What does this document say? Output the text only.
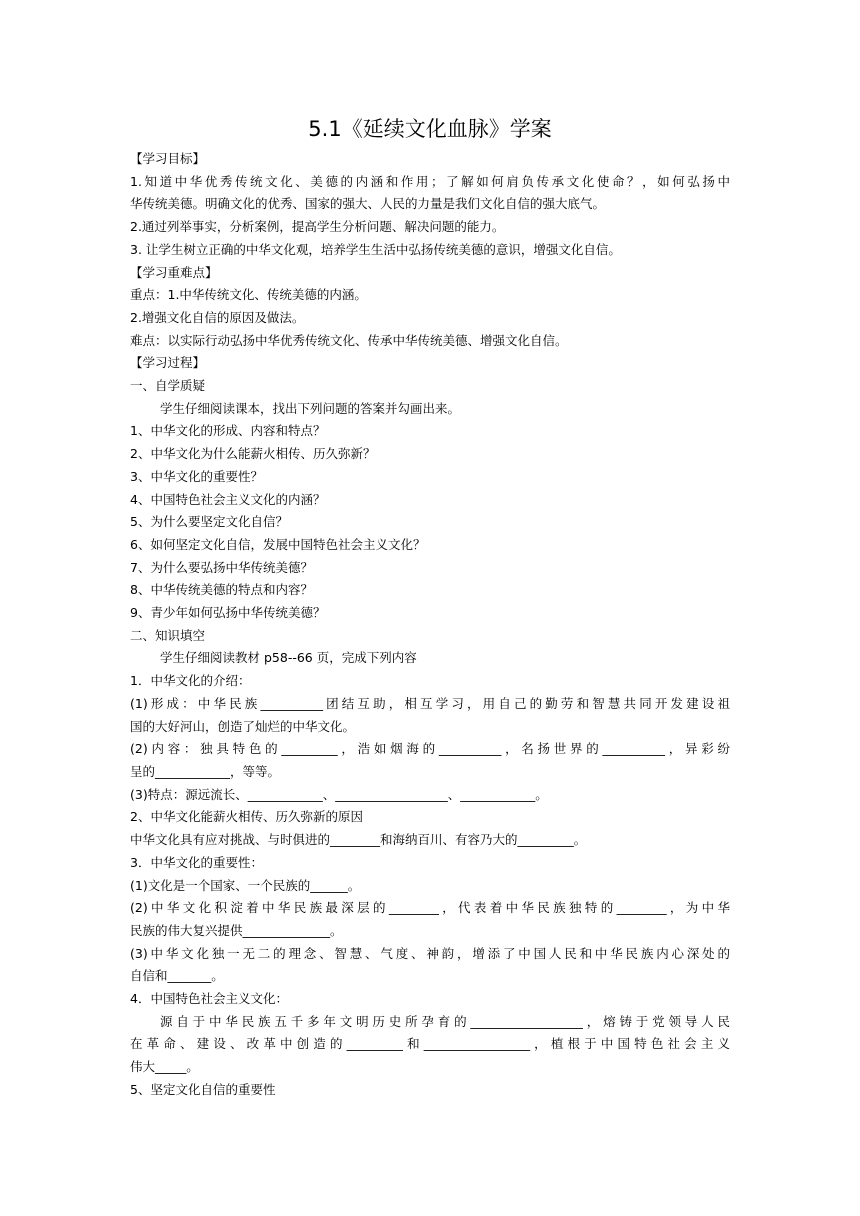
5.1《延续文化血脉》学案

【学习目标】

1.知道中华优秀传统文化、美德的内涵和作用；了解如何肩负传承文化使命？，如何弘扬中

华传统美德。明确文化的优秀、国家的强大、人民的力量是我们文化自信的强大底气。

2.通过列举事实，分析案例，提高学生分析问题、解决问题的能力。

3. 让学生树立正确的中华文化观，培养学生生活中弘扬传统美德的意识，增强文化自信。

【学习重难点】

重点：1.中华传统文化、传统美德的内涵。

2.增强文化自信的原因及做法。

难点：以实际行动弘扬中华优秀传统文化、传承中华传统美德、增强文化自信。

【学习过程】

一、自学质疑

学生仔细阅读课本，找出下列问题的答案并勾画出来。

1、中华文化的形成、内容和特点？

2、中华文化为什么能薪火相传、历久弥新？

3、中华文化的重要性？

4、中国特色社会主义文化的内涵？

5、为什么要坚定文化自信？

6、如何坚定文化自信，发展中国特色社会主义文化？

7、为什么要弘扬中华传统美德？

8、中华传统美德的特点和内容？

9、青少年如何弘扬中华传统美德？

二、知识填空

学生仔细阅读教材 p58--66 页，完成下列内容

1．中华文化的介绍：

(1)形成：中华民族__________团结互助，相互学习，用自己的勤劳和智慧共同开发建设祖

国的大好河山，创造了灿烂的中华文化。

(2)内容：独具特色的_________，浩如烟海的__________，名扬世界的__________，异彩纷

呈的____________，等等。

(3)特点：源远流长、____________、__________________、____________。

2、中华文化能薪火相传、历久弥新的原因

中华文化具有应对挑战、与时俱进的________和海纳百川、有容乃大的_________。

3．中华文化的重要性：

(1)文化是一个国家、一个民族的______。

(2)中华文化积淀着中华民族最深层的________，代表着中华民族独特的________，为中华

民族的伟大复兴提供______________。

(3)中华文化独一无二的理念、智慧、气度、神韵，增添了中国人民和中华民族内心深处的

自信和_______。

4．中国特色社会主义文化：

源自于中华民族五千多年文明历史所孕育的__________________，熔铸于党领导人民

在革命、建设、改革中创造的_________和_________________，植根于中国特色社会主义

伟大_____。

5、坚定文化自信的重要性
